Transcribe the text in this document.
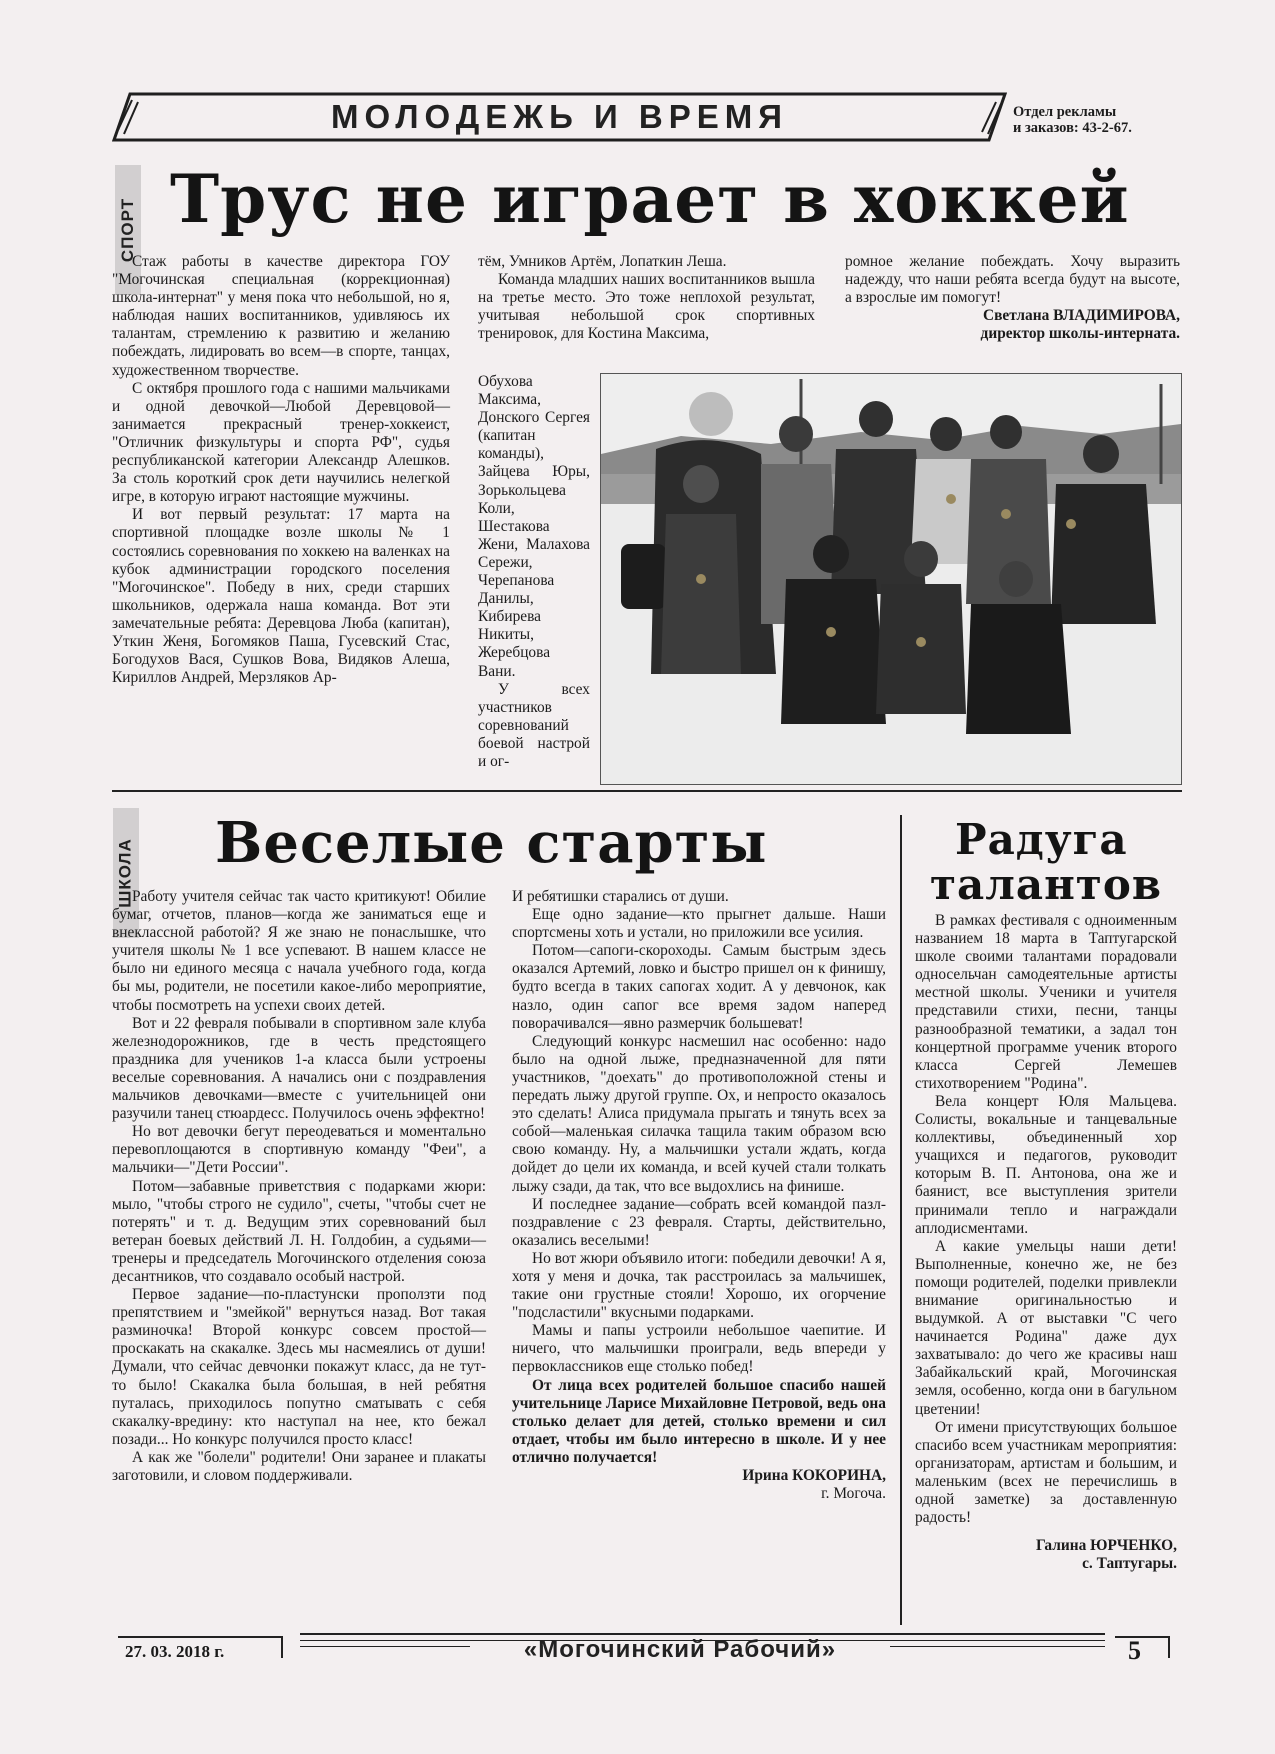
МОЛОДЕЖЬ И ВРЕМЯ	Отдел рекламы
и заказов: 43-2-67.
СПОРТ Трус не играет в хоккей

Стаж работы в качестве директора ГОУ "Могочинская специальная (коррекционная) школа-интернат" у меня пока что небольшой, но я, наблюдая наших воспитанников, удивляюсь их талантам, стремлению к развитию и желанию побеждать, лидировать во всем—в спорте, танцах, художественном творчестве.

С октября прошлого года с нашими мальчиками и одной девочкой—Любой Деревцовой—занимается прекрасный тренер-хоккеист, "Отличник физкультуры и спорта РФ", судья республиканской категории Александр Алешков. За столь короткий срок дети научились нелегкой игре, в которую играют настоящие мужчины.

И вот первый результат: 17 марта на спортивной площадке возле школы № 1 состоялись соревнования по хоккею на валенках на кубок администрации городского поселения "Могочинское". Победу в них, среди старших школьников, одержала наша команда. Вот эти замечательные ребята: Деревцова Люба (капитан), Уткин Женя, Богомяков Паша, Гусевский Стас, Богодухов Вася, Сушков Вова, Видяков Алеша, Кириллов Андрей, Мерзляков Ар-

тём, Умников Артём, Лопаткин Леша.

Команда младших наших воспитанников вышла на третье место. Это тоже неплохой результат, учитывая небольшой срок спортивных тренировок, для Костина Максима,

Обухова Максима, Донского Сергея (капитан команды), Зайцева Юры, Зорькольцева Коли, Шестакова Жени, Малахова Сережи, Черепанова Данилы, Кибирева Никиты, Жеребцова Вани.

У всех участников соревнований боевой настрой и ог-

ромное желание побеждать. Хочу выразить надежду, что наши ребята всегда будут на высоте, а взрослые им помогут!

Светлана ВЛАДИМИРОВА,

директор школы-интерната.

ШКОЛА Веселые старты

Работу учителя сейчас так часто критикуют! Обилие бумаг, отчетов, планов—когда же заниматься еще и внеклассной работой? Я же знаю не понаслышке, что учителя школы № 1 все успевают. В нашем классе не было ни единого месяца с начала учебного года, когда бы мы, родители, не посетили какое-либо мероприятие, чтобы посмотреть на успехи своих детей.

Вот и 22 февраля побывали в спортивном зале клуба железнодорожников, где в честь предстоящего праздника для учеников 1-а класса были устроены веселые соревнования. А начались они с поздравления мальчиков девочками—вместе с учительницей они разучили танец стюардесс. Получилось очень эффектно!

Но вот девочки бегут переодеваться и моментально перевоплощаются в спортивную команду "Феи", а мальчики—"Дети России".

Потом—забавные приветствия с подарками жюри: мыло, "чтобы строго не судило", счеты, "чтобы счет не потерять" и т. д. Ведущим этих соревнований был ветеран боевых действий Л. Н. Голдобин, а судьями—тренеры и председатель Могочинского отделения союза десантников, что создавало особый настрой.

Первое задание—по-пластунски проползти под препятствием и "змейкой" вернуться назад. Вот такая разминочка! Второй конкурс совсем простой—проскакать на скакалке. Здесь мы насмеялись от души! Думали, что сейчас девчонки покажут класс, да не тут-то было! Скакалка была большая, в ней ребятня путалась, приходилось попутно сматывать с себя скакалку-вредину: кто наступал на нее, кто бежал позади... Но конкурс получился просто класс!

А как же "болели" родители! Они заранее и плакаты заготовили, и словом поддерживали.

И ребятишки старались от души.

Еще одно задание—кто прыгнет дальше. Наши спортсмены хоть и устали, но приложили все усилия.

Потом—сапоги-скороходы. Самым быстрым здесь оказался Артемий, ловко и быстро пришел он к финишу, будто всегда в таких сапогах ходит. А у девчонок, как назло, один сапог все время задом наперед поворачивался—явно размерчик большеват!

Следующий конкурс насмешил нас особенно: надо было на одной лыже, предназначенной для пяти участников, "доехать" до противоположной стены и передать лыжу другой группе. Ох, и непросто оказалось это сделать! Алиса придумала прыгать и тянуть всех за собой—маленькая силачка тащила таким образом всю свою команду. Ну, а мальчишки устали ждать, когда дойдет до цели их команда, и всей кучей стали толкать лыжу сзади, да так, что все выдохлись на финише.

И последнее задание—собрать всей командой пазл-поздравление с 23 февраля. Старты, действительно, оказались веселыми!

Но вот жюри объявило итоги: победили девочки! А я, хотя у меня и дочка, так расстроилась за мальчишек, такие они грустные стояли! Хорошо, их огорчение "подсластили" вкусными подарками.

Мамы и папы устроили небольшое чаепитие. И ничего, что мальчишки проиграли, ведь впереди у первоклассников еще столько побед!

От лица всех родителей большое спасибо нашей учительнице Ларисе Михайловне Петровой, ведь она столько делает для детей, столько времени и сил отдает, чтобы им было интересно в школе. И у нее отлично получается!

Ирина КОКОРИНА,

г. Могоча.

Радуга
талантов

В рамках фестиваля с одноименным названием 18 марта в Таптугарской школе своими талантами порадовали односельчан самодеятельные артисты местной школы. Ученики и учителя представили стихи, песни, танцы разнообразной тематики, а задал тон концертной программе ученик второго класса Сергей Лемешев стихотворением "Родина".

Вела концерт Юля Мальцева. Солисты, вокальные и танцевальные коллективы, объединенный хор учащихся и педагогов, руководит которым В. П. Антонова, она же и баянист, все выступления зрители принимали тепло и награждали аплодисментами.

А какие умельцы наши дети! Выполненные, конечно же, не без помощи родителей, поделки привлекли внимание оригинальностью и выдумкой. А от выставки "С чего начинается Родина" даже дух захватывало: до чего же красивы наш Забайкальский край, Могочинская земля, особенно, когда они в багульном цветении!

От имени присутствующих большое спасибо всем участникам мероприятия: организаторам, артистам и большим, и маленьким (всех не перечислишь в одной заметке) за доставленную радость!

Галина ЮРЧЕНКО,

с. Таптугары.

27. 03. 2018 г.	«Могочинский Рабочий»	5
